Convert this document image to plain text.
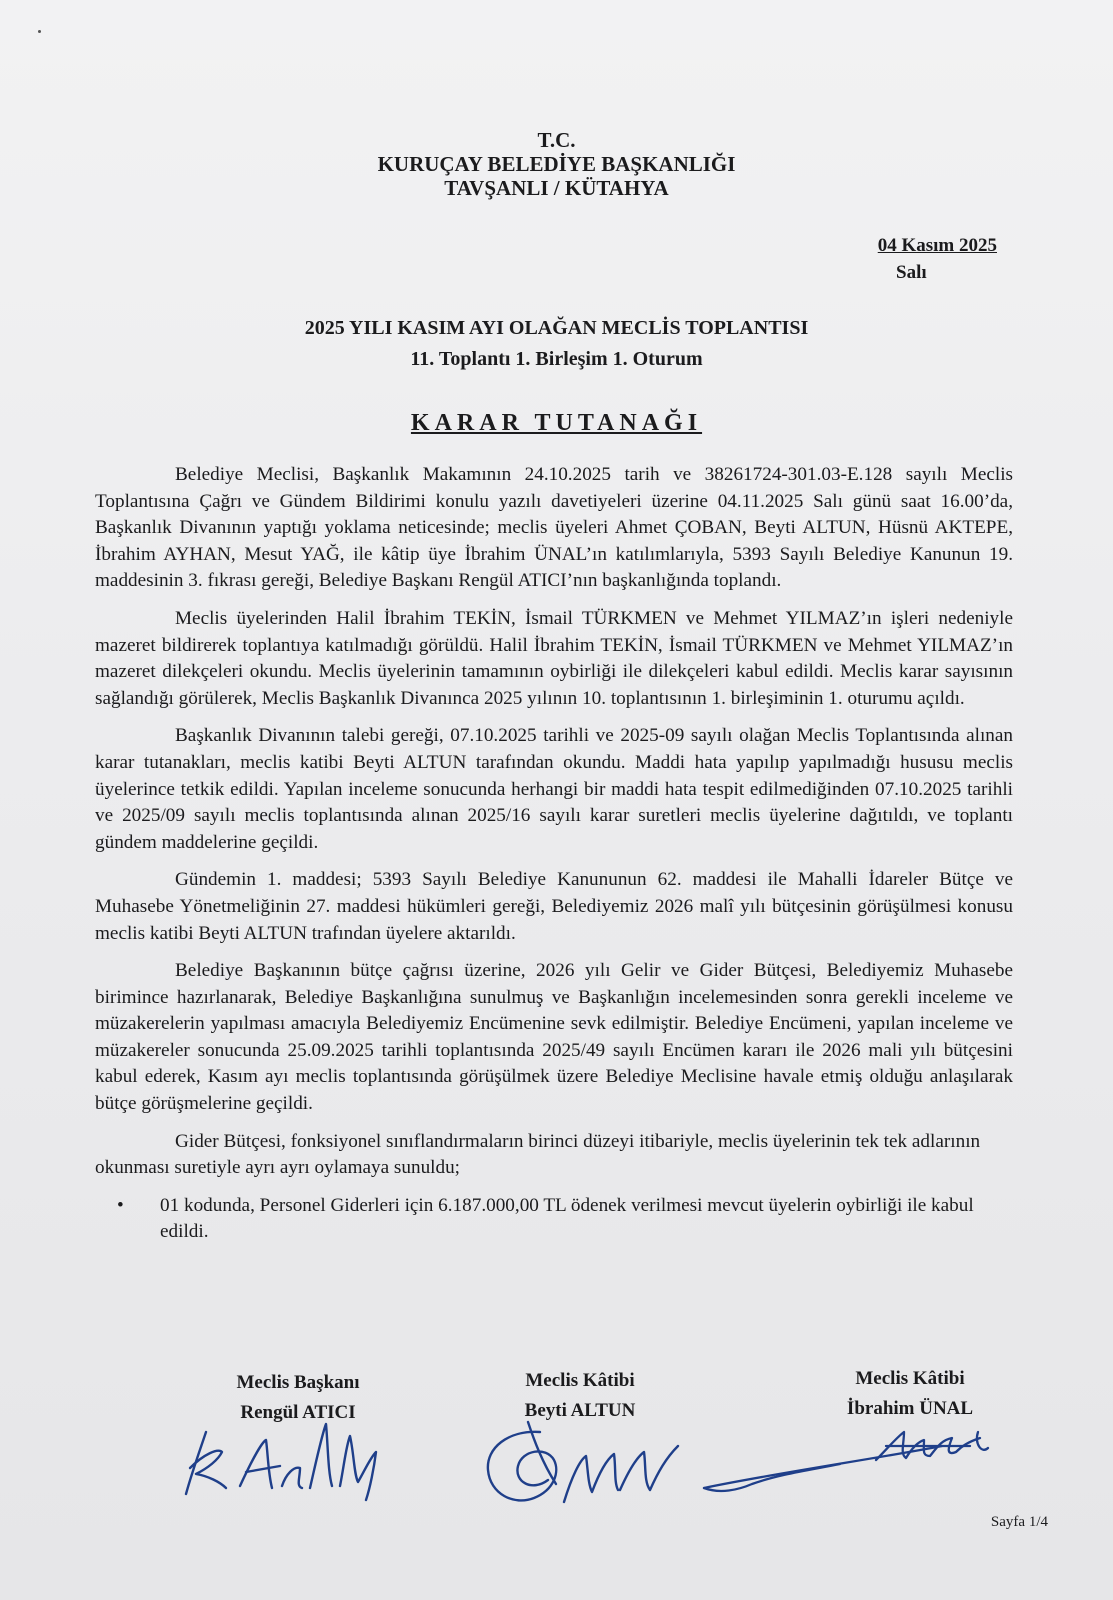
T.C.
KURUÇAY BELEDİYE BAŞKANLIĞI
TAVŞANLI / KÜTAHYA
04 Kasım 2025

Salı
2025 YILI KASIM AYI OLAĞAN MECLİS TOPLANTISI
11. Toplantı 1. Birleşim 1. Oturum
KARAR TUTANAĞI

Belediye Meclisi, Başkanlık Makamının 24.10.2025 tarih ve 38261724-301.03-E.128 sayılı Meclis Toplantısına Çağrı ve Gündem Bildirimi konulu yazılı davetiyeleri üzerine 04.11.2025 Salı günü saat 16.00’da, Başkanlık Divanının yaptığı yoklama neticesinde; meclis üyeleri Ahmet ÇOBAN, Beyti ALTUN, Hüsnü AKTEPE, İbrahim AYHAN, Mesut YAĞ, ile kâtip üye İbrahim ÜNAL’ın katılımlarıyla, 5393 Sayılı Belediye Kanunun 19. maddesinin 3. fıkrası gereği, Belediye Başkanı Rengül ATICI’nın başkanlığında toplandı.

Meclis üyelerinden Halil İbrahim TEKİN, İsmail TÜRKMEN ve Mehmet YILMAZ’ın işleri nedeniyle mazeret bildirerek toplantıya katılmadığı görüldü. Halil İbrahim TEKİN, İsmail TÜRKMEN ve Mehmet YILMAZ’ın mazeret dilekçeleri okundu. Meclis üyelerinin tamamının oybirliği ile dilekçeleri kabul edildi. Meclis karar sayısının sağlandığı görülerek, Meclis Başkanlık Divanınca 2025 yılının 10. toplantısının 1. birleşiminin 1. oturumu açıldı.

Başkanlık Divanının talebi gereği, 07.10.2025 tarihli ve 2025-09 sayılı olağan Meclis Toplantısında alınan karar tutanakları, meclis katibi Beyti ALTUN tarafından okundu. Maddi hata yapılıp yapılmadığı hususu meclis üyelerince tetkik edildi. Yapılan inceleme sonucunda herhangi bir maddi hata tespit edilmediğinden 07.10.2025 tarihli ve 2025/09 sayılı meclis toplantısında alınan 2025/16 sayılı karar suretleri meclis üyelerine dağıtıldı, ve toplantı gündem maddelerine geçildi.

Gündemin 1. maddesi; 5393 Sayılı Belediye Kanununun 62. maddesi ile Mahalli İdareler Bütçe ve Muhasebe Yönetmeliğinin 27. maddesi hükümleri gereği, Belediyemiz 2026 malî yılı bütçesinin görüşülmesi konusu meclis katibi Beyti ALTUN trafından üyelere aktarıldı.

Belediye Başkanının bütçe çağrısı üzerine, 2026 yılı Gelir ve Gider Bütçesi, Belediyemiz Muhasebe birimince hazırlanarak, Belediye Başkanlığına sunulmuş ve Başkanlığın incelemesinden sonra gerekli inceleme ve müzakerelerin yapılması amacıyla Belediyemiz Encümenine sevk edilmiştir. Belediye Encümeni, yapılan inceleme ve müzakereler sonucunda 25.09.2025 tarihli toplantısında 2025/49 sayılı Encümen kararı ile 2026 mali yılı bütçesini kabul ederek, Kasım ayı meclis toplantısında görüşülmek üzere Belediye Meclisine havale etmiş olduğu anlaşılarak bütçe görüşmelerine geçildi.

Gider Bütçesi, fonksiyonel sınıflandırmaların birinci düzeyi itibariyle, meclis üyelerinin tek tek adlarının okunması suretiyle ayrı ayrı oylamaya sunuldu;

• 01 kodunda, Personel Giderleri için 6.187.000,00 TL ödenek verilmesi mevcut üyelerin oybirliği ile kabul edildi.
Meclis Başkanı
Rengül ATICI
Meclis Kâtibi
Beyti ALTUN
Meclis Kâtibi
İbrahim ÜNAL
Sayfa 1/4
